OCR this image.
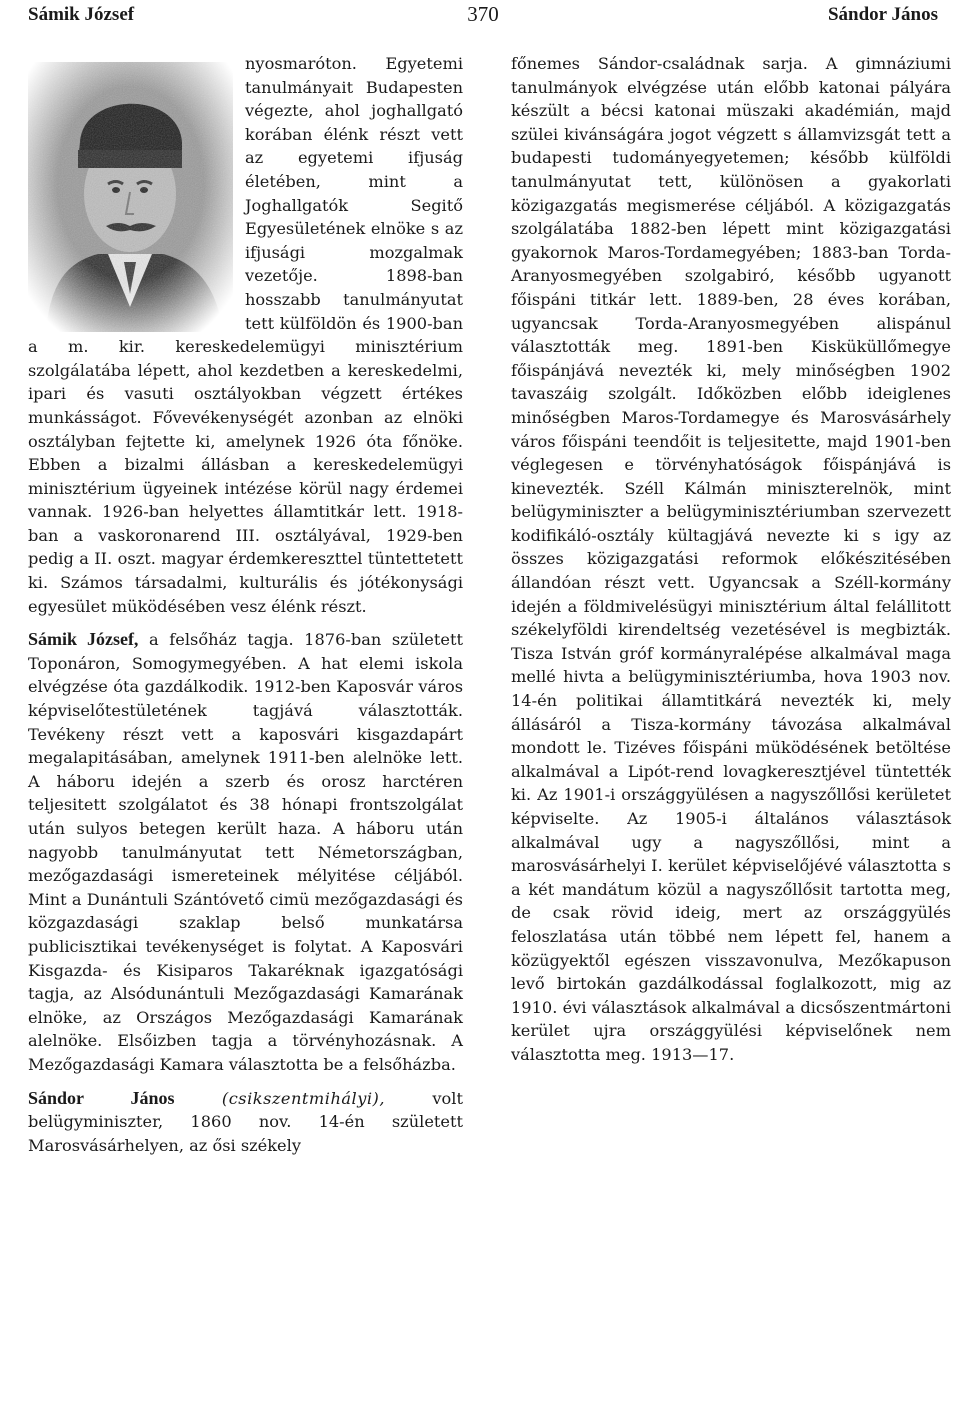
Sámik József	370	Sándor János

nyosmaróton. Egyetemi tanulmányait Budapesten végezte, ahol joghallgató korában élénk részt vett az egyetemi ifjuság életében, mint a Joghallgatók Segitő Egyesületének elnöke s az ifjusági mozgalmak vezetője. 1898-ban hosszabb tanulmányutat tett külföldön és 1900-ban a m. kir. kereskedelemügyi minisztérium szolgálatába lépett, ahol kezdetben a kereskedelmi, ipari és vasuti osztályokban végzett értékes munkásságot. Fővevékenységét azonban az elnöki osztályban fejtette ki, amelynek 1926 óta főnöke. Ebben a bizalmi állásban a kereskedelemügyi minisztérium ügyeinek intézése körül nagy érdemei vannak. 1926-ban helyettes államtitkár lett. 1918-ban a vaskoronarend III. osztályával, 1929-ben pedig a II. oszt. magyar érdemkereszttel tüntettetett ki. Számos társadalmi, kulturális és jótékonysági egyesület müködésében vesz élénk részt.

Sámik József, a felsőház tagja. 1876-ban született Toponáron, Somogymegyében. A hat elemi iskola elvégzése óta gazdálkodik. 1912-ben Kaposvár város képviselőtestületének tagjává választották. Tevékeny részt vett a kaposvári kisgazdapárt megalapitásában, amelynek 1911-ben alelnöke lett. A háboru idején a szerb és orosz harctéren teljesitett szolgálatot és 38 hónapi frontszolgálat után sulyos betegen került haza. A háboru után nagyobb tanulmányutat tett Németországban, mezőgazdasági ismereteinek mélyitése céljából. Mint a Dunántuli Szántóvető cimü mezőgazdasági és közgazdasági szaklap belső munkatársa publicisztikai tevékenységet is folytat. A Kaposvári Kisgazda- és Kisiparos Takaréknak igazgatósági tagja, az Alsódunántuli Mezőgazdasági Kamarának elnöke, az Országos Mezőgazdasági Kamarának alelnöke. Elsőizben tagja a törvényhozásnak. A Mezőgazdasági Kamara választotta be a felsőházba.

Sándor János	(csikszentmihályi), volt belügyminiszter, 1860 nov. 14-én született Marosvásárhelyen, az ősi székely

főnemes Sándor-családnak sarja. A gimnáziumi tanulmányok elvégzése után előbb katonai pályára készült a bécsi katonai müszaki akadémián, majd szülei kivánságára jogot végzett s államvizsgát tett a budapesti tudományegyetemen; később külföldi tanulmányutat tett, különösen a gyakorlati közigazgatás megismerése céljából. A közigazgatás szolgálatába 1882-ben lépett mint közigazgatási gyakornok Maros-Tordamegyében; 1883-ban Torda-Aranyosmegyében szolgabiró, később ugyanott főispáni titkár lett. 1889-ben, 28 éves korában, ugyancsak Torda-Aranyosmegyében alispánul választották meg. 1891-ben Kisküküllőmegye főispánjává nevezték ki, mely minőségben 1902 tavaszáig szolgált. Időközben előbb ideiglenes minőségben Maros-Tordamegye és Marosvásárhely város főispáni teendőit is teljesitette, majd 1901-ben véglegesen e törvényhatóságok főispánjává is kinevezték. Széll Kálmán miniszterelnök, mint belügyminiszter a belügyminisztériumban szervezett kodifikáló-osztály kültagjává nevezte ki s igy az összes közigazgatási reformok előkészitésében állandóan részt vett. Ugyancsak a Széll-kormány idején a földmivelésügyi minisztérium által felállitott székelyföldi kirendeltség vezetésével is megbizták. Tisza István gróf kormányralépése alkalmával maga mellé hivta a belügyminisztériumba, hova 1903 nov. 14-én politikai államtitkárá nevezték ki, mely állásáról a Tisza-kormány távozása alkalmával mondott le. Tizéves főispáni müködésének betöltése alkalmával a Lipót-rend lovagkeresztjével tüntették ki. Az 1901-i országgyülésen a nagyszőllősi kerületet képviselte. Az 1905-i általános választások alkalmával ugy a nagyszőllősi, mint a marosvásárhelyi I. kerület képviselőjévé választotta s a két mandátum közül a nagyszőllősit tartotta meg, de csak rövid ideig, mert az országgyülés feloszlatása után többé nem lépett fel, hanem a közügyektől egészen visszavonulva, Mezőkapuson levő birtokán gazdálkodással foglalkozott, mig az 1910. évi választások alkalmával a dicsőszentmártoni kerület ujra országgyülési képviselőnek nem választotta meg. 1913—17.
